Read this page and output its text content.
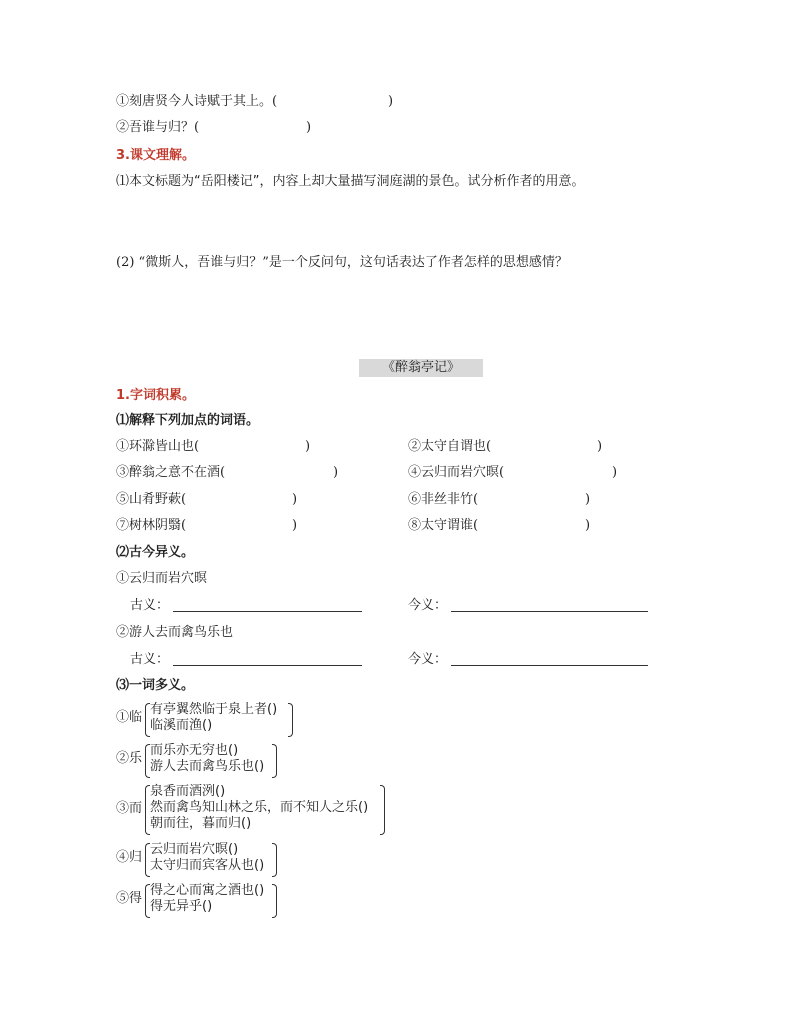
①刻唐贤今人诗赋于其上。(	)
②吾谁与归？(	)
3.课文理解。
⑴本文标题为“岳阳楼记”，内容上却大量描写洞庭湖的景色。试分析作者的用意。
(2) “微斯人，吾谁与归？”是一个反问句，这句话表达了作者怎样的思想感情？
《醉翁亭记》
1.字词积累。
⑴解释下列加点的词语。
①环滁皆山也(	)	②太守自谓也(	)
③醉翁之意不在酒(	)	④云归而岩穴暝(	)
⑤山肴野蔌(	)	⑥非丝非竹(	)
⑦树林阴翳(	)	⑧太守谓谁(	)
⑵古今异义。
①云归而岩穴暝
古义：	今义：
②游人去而禽鸟乐也
古义：	今义：
⑶一词多义。
①临
有亭翼然临于泉上者()
临溪而渔()
②乐
而乐亦无穷也()
游人去而禽鸟乐也()
③而
泉香而酒洌()
然而禽鸟知山林之乐，而不知人之乐()
朝而往，暮而归()
④归
云归而岩穴暝()
太守归而宾客从也()
⑤得
得之心而寓之酒也()
得无异乎()
